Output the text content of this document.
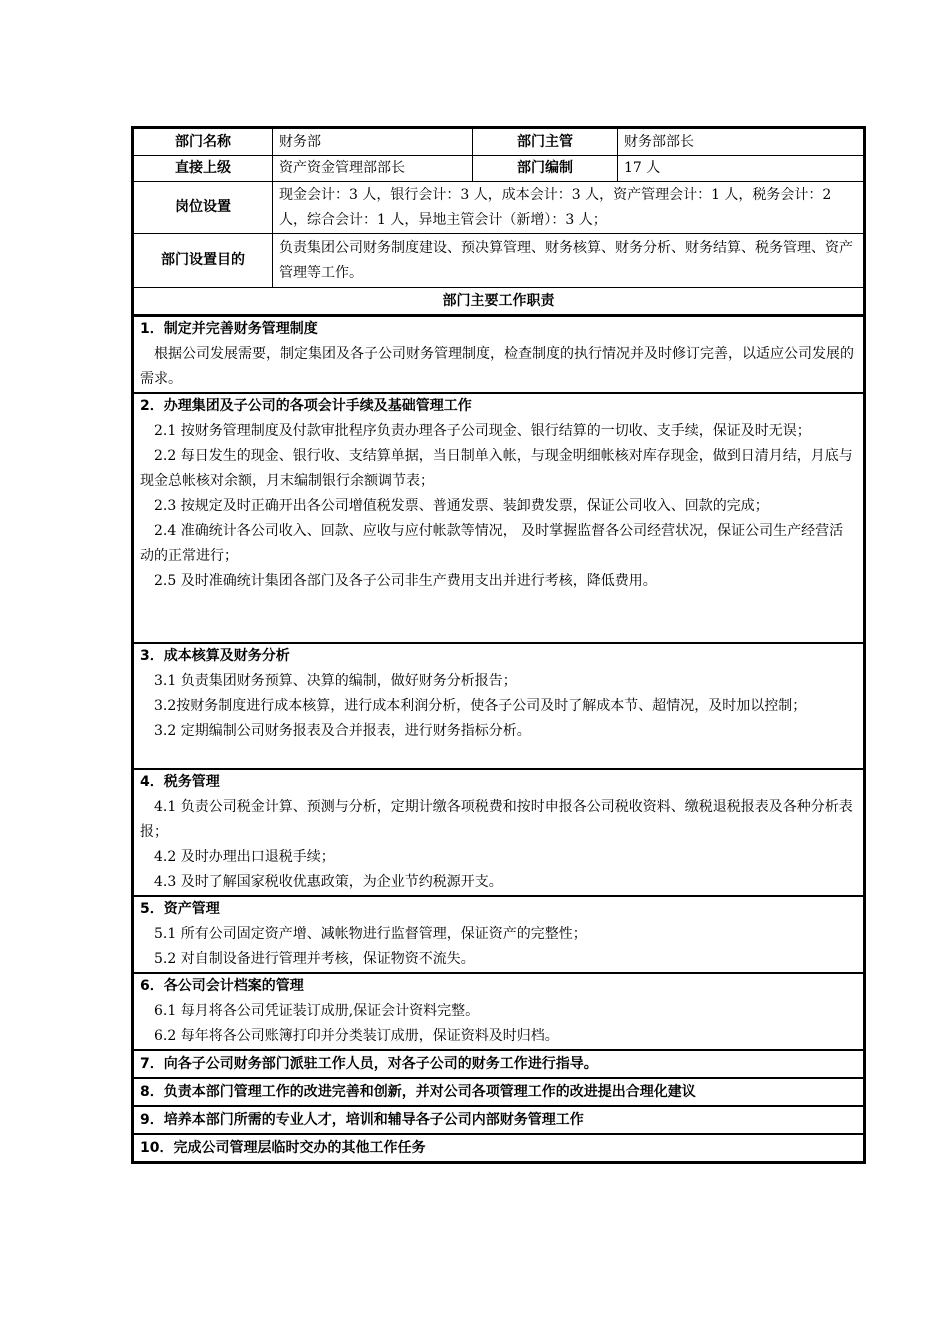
部门名称	财务部	部门主管	财务部部长
直接上级	资产资金管理部部长	部门编制	17 人
岗位设置	现金会计：3 人，银行会计：3 人，成本会计：3 人，资产管理会计：1 人，税务会计：2 人，综合会计：1 人，异地主管会计（新增）：3 人；		
部门设置目的	负责集团公司财务制度建设、预决算管理、财务核算、财务分析、财务结算、税务管理、资产管理等工作。		
部门主要工作职责			
1．制定并完善财务管理制度
根据公司发展需要，制定集团及各子公司财务管理制度，检查制度的执行情况并及时修订完善，以适应公司发展的需求。

2．办理集团及子公司的各项会计手续及基础管理工作
2.1 按财务管理制度及付款审批程序负责办理各子公司现金、银行结算的一切收、支手续，保证及时无误；
2.2 每日发生的现金、银行收、支结算单据，当日制单入帐，与现金明细帐核对库存现金，做到日清月结，月底与现金总帐核对余额，月末编制银行余额调节表；
2.3 按规定及时正确开出各公司增值税发票、普通发票、装卸费发票，保证公司收入、回款的完成；
2.4 准确统计各公司收入、回款、应收与应付帐款等情况， 及时掌握监督各公司经营状况，保证公司生产经营活动的正常进行；
2.5 及时准确统计集团各部门及各子公司非生产费用支出并进行考核，降低费用。

3．成本核算及财务分析
3.1 负责集团财务预算、决算的编制，做好财务分析报告；
3.2按财务制度进行成本核算，进行成本利润分析，使各子公司及时了解成本节、超情况，及时加以控制；
3.2 定期编制公司财务报表及合并报表，进行财务指标分析。

4．税务管理
4.1 负责公司税金计算、预测与分析，定期计缴各项税费和按时申报各公司税收资料、缴税退税报表及各种分析表报；
4.2 及时办理出口退税手续；
4.3 及时了解国家税收优惠政策，为企业节约税源开支。

5．资产管理
5.1 所有公司固定资产增、减帐物进行监督管理，保证资产的完整性；
5.2 对自制设备进行管理并考核，保证物资不流失。

6．各公司会计档案的管理
6.1 每月将各公司凭证装订成册,保证会计资料完整。
6.2 每年将各公司账簿打印并分类装订成册，保证资料及时归档。

7．向各子公司财务部门派驻工作人员，对各子公司的财务工作进行指导。
8．负责本部门管理工作的改进完善和创新，并对公司各项管理工作的改进提出合理化建议
9．培养本部门所需的专业人才，培训和辅导各子公司内部财务管理工作
10．完成公司管理层临时交办的其他工作任务
